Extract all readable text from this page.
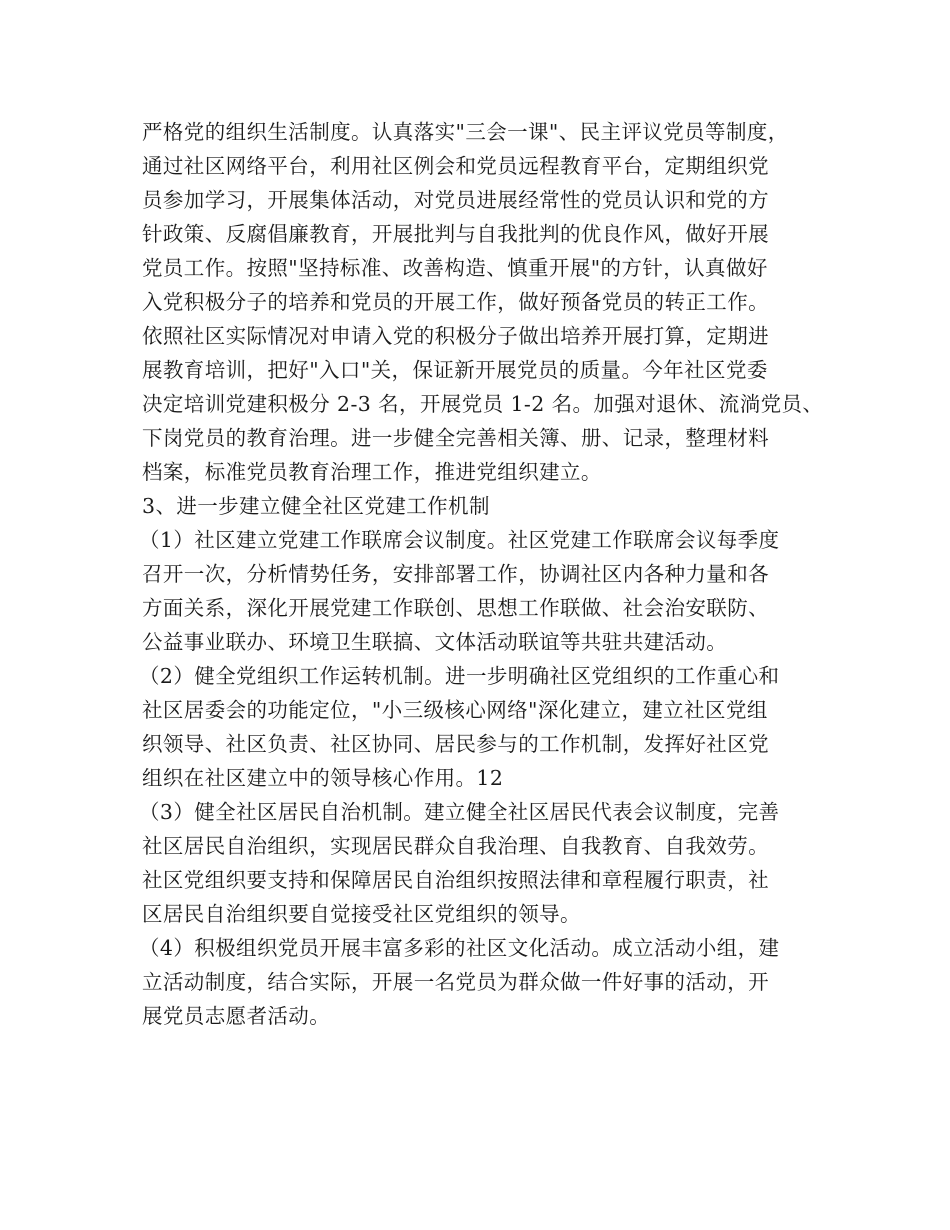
严格党的组织生活制度。认真落实"三会一课"、民主评议党员等制度，
通过社区网络平台，利用社区例会和党员远程教育平台，定期组织党
员参加学习，开展集体活动，对党员进展经常性的党员认识和党的方
针政策、反腐倡廉教育，开展批判与自我批判的优良作风，做好开展
党员工作。按照"坚持标准、改善构造、慎重开展"的方针，认真做好
入党积极分子的培养和党员的开展工作，做好预备党员的转正工作。
依照社区实际情况对申请入党的积极分子做出培养开展打算，定期进
展教育培训，把好"入口"关，保证新开展党员的质量。今年社区党委
决定培训党建积极分 2-3 名，开展党员 1-2 名。加强对退休、流淌党员、
下岗党员的教育治理。进一步健全完善相关簿、册、记录，整理材料
档案，标准党员教育治理工作，推进党组织建立。
3、进一步建立健全社区党建工作机制
（1）社区建立党建工作联席会议制度。社区党建工作联席会议每季度
召开一次，分析情势任务，安排部署工作，协调社区内各种力量和各
方面关系，深化开展党建工作联创、思想工作联做、社会治安联防、
公益事业联办、环境卫生联搞、文体活动联谊等共驻共建活动。
（2）健全党组织工作运转机制。进一步明确社区党组织的工作重心和
社区居委会的功能定位，"小三级核心网络"深化建立，建立社区党组
织领导、社区负责、社区协同、居民参与的工作机制，发挥好社区党
组织在社区建立中的领导核心作用。12
（3）健全社区居民自治机制。建立健全社区居民代表会议制度，完善
社区居民自治组织，实现居民群众自我治理、自我教育、自我效劳。
社区党组织要支持和保障居民自治组织按照法律和章程履行职责，社
区居民自治组织要自觉接受社区党组织的领导。
（4）积极组织党员开展丰富多彩的社区文化活动。成立活动小组，建
立活动制度，结合实际，开展一名党员为群众做一件好事的活动，开
展党员志愿者活动。
